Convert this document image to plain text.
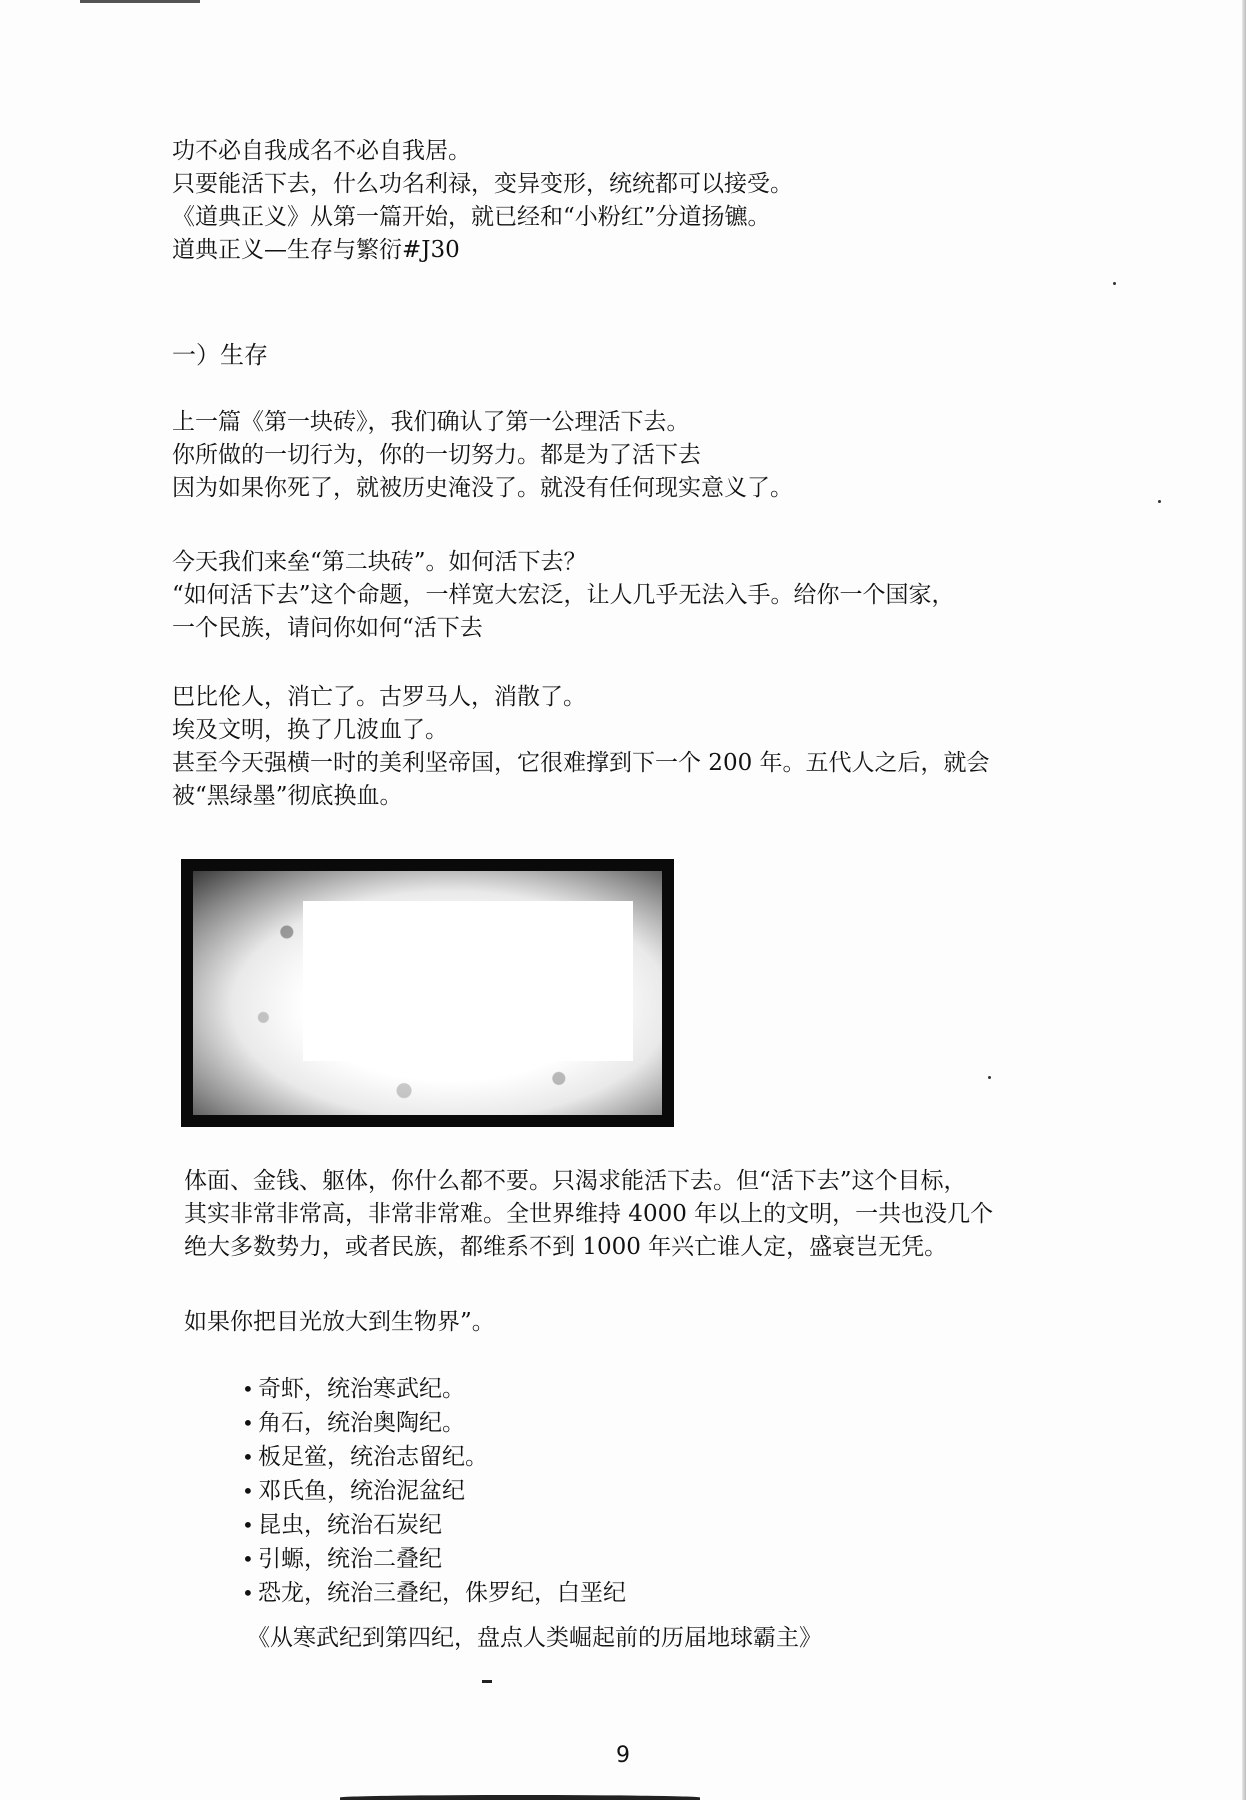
功不必自我成名不必自我居。
只要能活下去，什么功名利禄，变异变形，统统都可以接受。
《道典正义》从第一篇开始，就已经和“小粉红”分道扬镳。
道典正义—生存与繁衍#J30
一）生存
上一篇《第一块砖》，我们确认了第一公理活下去。
你所做的一切行为，你的一切努力。都是为了活下去
因为如果你死了，就被历史淹没了。就没有任何现实意义了。
今天我们来垒“第二块砖”。如何活下去？
“如何活下去”这个命题，一样宽大宏泛，让人几乎无法入手。给你一个国家，
一个民族，请问你如何“活下去
巴比伦人，消亡了。古罗马人，消散了。
埃及文明，换了几波血了。
甚至今天强横一时的美利坚帝国，它很难撑到下一个 200 年。五代人之后，就会
被“黑绿墨”彻底换血。
体面、金钱、躯体，你什么都不要。只渴求能活下去。但“活下去”这个目标，
其实非常非常高，非常非常难。全世界维持 4000 年以上的文明，一共也没几个
绝大多数势力，或者民族，都维系不到 1000 年兴亡谁人定，盛衰岂无凭。
如果你把目光放大到生物界”。
• 奇虾，统治寒武纪。
• 角石，统治奥陶纪。
• 板足鲎，统治志留纪。
• 邓氏鱼，统治泥盆纪
• 昆虫，统治石炭纪
• 引螈，统治二叠纪
• 恐龙，统治三叠纪，侏罗纪，白垩纪
《从寒武纪到第四纪，盘点人类崛起前的历届地球霸主》
9
